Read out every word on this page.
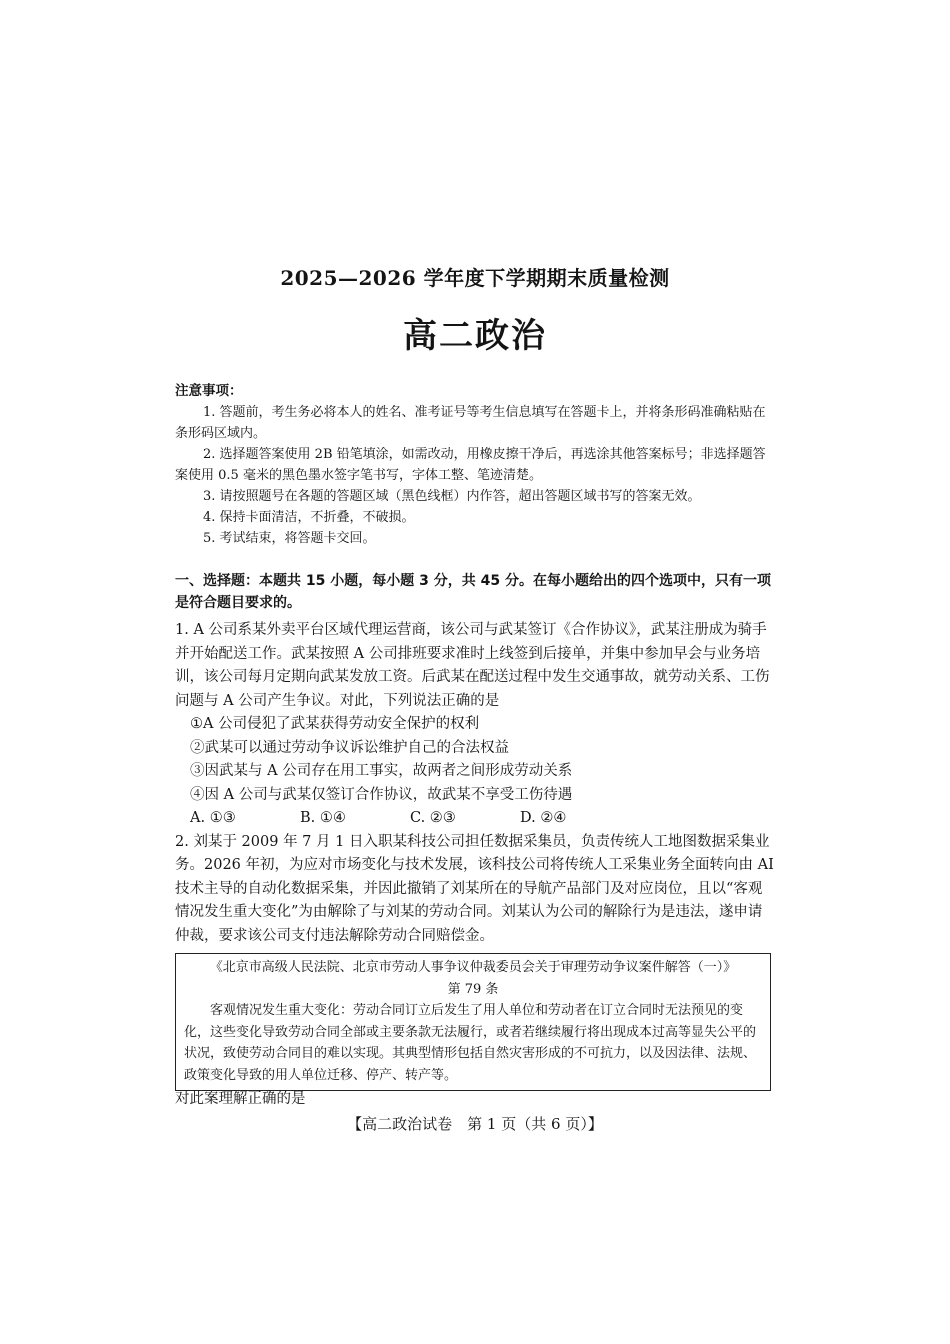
2025—2026 学年度下学期期末质量检测
高二政治
注意事项：
1. 答题前，考生务必将本人的姓名、准考证号等考生信息填写在答题卡上，并将条形码准确粘贴在条形码区域内。
2. 选择题答案使用 2B 铅笔填涂，如需改动，用橡皮擦干净后，再选涂其他答案标号；非选择题答案使用 0.5 毫米的黑色墨水签字笔书写，字体工整、笔迹清楚。
3. 请按照题号在各题的答题区域（黑色线框）内作答，超出答题区域书写的答案无效。
4. 保持卡面清洁，不折叠，不破损。
5. 考试结束，将答题卡交回。
一、选择题：本题共 15 小题，每小题 3 分，共 45 分。在每小题给出的四个选项中，只有一项是符合题目要求的。
1. A 公司系某外卖平台区域代理运营商，该公司与武某签订《合作协议》，武某注册成为骑手并开始配送工作。武某按照 A 公司排班要求准时上线签到后接单，并集中参加早会与业务培训，该公司每月定期向武某发放工资。后武某在配送过程中发生交通事故，就劳动关系、工伤问题与 A 公司产生争议。对此，下列说法正确的是
①A 公司侵犯了武某获得劳动安全保护的权利
②武某可以通过劳动争议诉讼维护自己的合法权益
③因武某与 A 公司存在用工事实，故两者之间形成劳动关系
④因 A 公司与武某仅签订合作协议，故武某不享受工伤待遇
A. ①③	B. ①④	C. ②③	D. ②④
2. 刘某于 2009 年 7 月 1 日入职某科技公司担任数据采集员，负责传统人工地图数据采集业务。2026 年初，为应对市场变化与技术发展，该科技公司将传统人工采集业务全面转向由 AI 技术主导的自动化数据采集，并因此撤销了刘某所在的导航产品部门及对应岗位，且以“客观情况发生重大变化”为由解除了与刘某的劳动合同。刘某认为公司的解除行为是违法，遂申请仲裁，要求该公司支付违法解除劳动合同赔偿金。
《北京市高级人民法院、北京市劳动人事争议仲裁委员会关于审理劳动争议案件解答（一）》
第 79 条
客观情况发生重大变化：劳动合同订立后发生了用人单位和劳动者在订立合同时无法预见的变化，这些变化导致劳动合同全部或主要条款无法履行，或者若继续履行将出现成本过高等显失公平的状况，致使劳动合同目的难以实现。其典型情形包括自然灾害形成的不可抗力，以及因法律、法规、政策变化导致的用人单位迁移、停产、转产等。
对此案理解正确的是
【高二政治试卷　第 1 页（共 6 页）】
